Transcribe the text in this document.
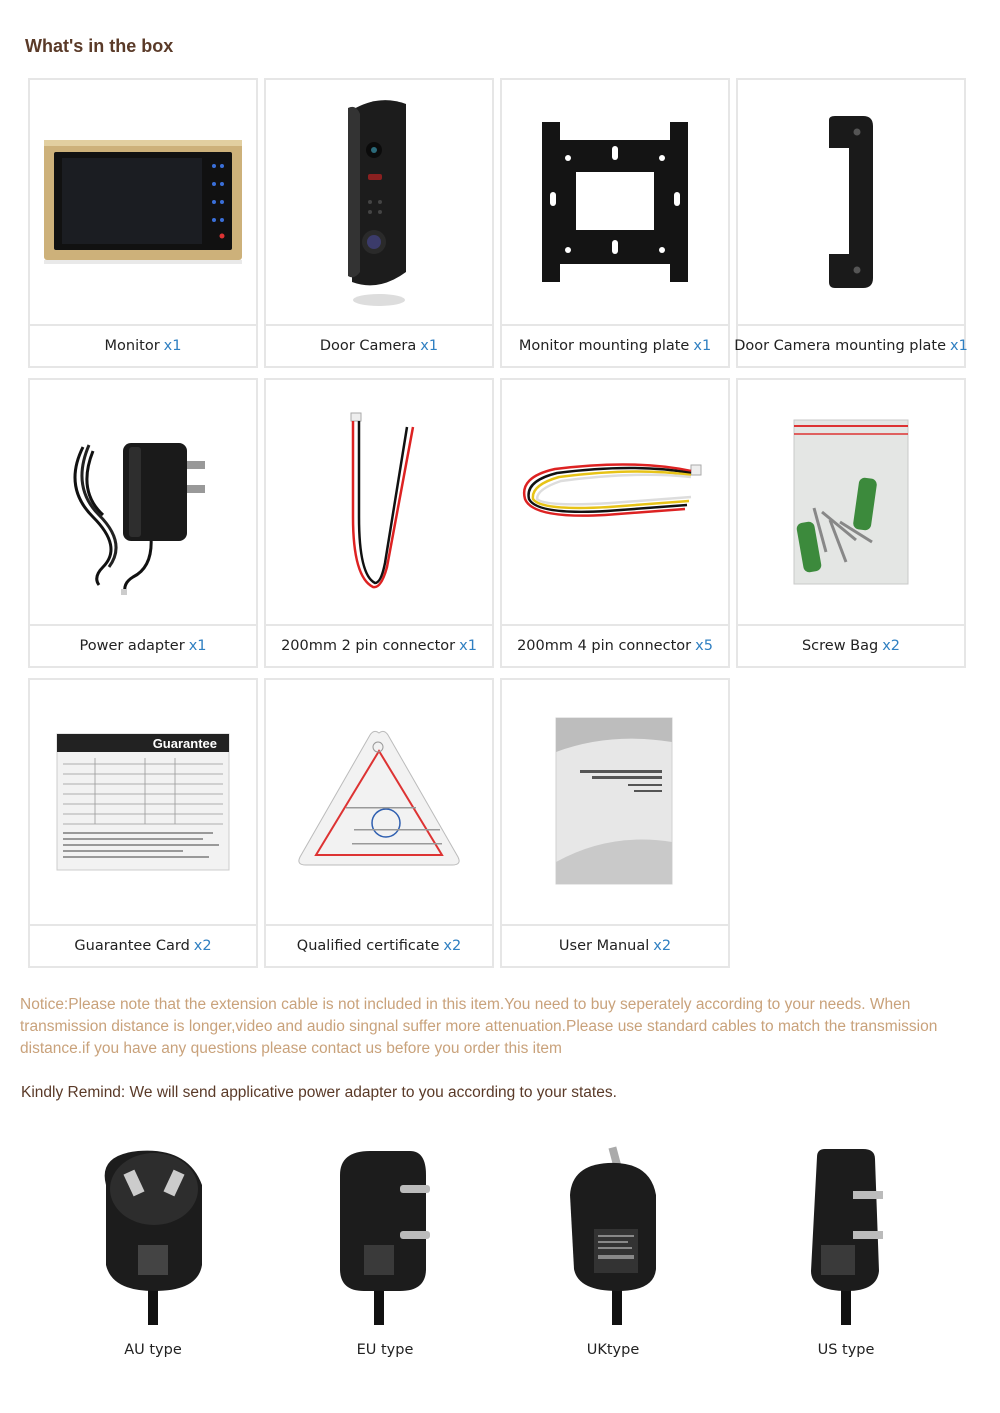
What's in the box
Monitor x1	Door Camera x1	Monitor mounting plate x1 Door Camera mounting plate x1
Power adapter x1	200mm 2 pin connector x1	200mm 4 pin connector x5	Screw Bag x2
Guarantee
Guarantee Card x2	Qualified certificate x2	User Manual x2
Notice:Please note that the extension cable is not included in this item.You need to buy seperately according to your needs. When transmission distance is longer,video and audio singnal suffer more attenuation.Please use standard cables to match the transmission distance.if you have any questions please contact us before you order this item
Kindly Remind: We will send applicative power adapter to you according to your states.
AU type	EU type	UKtype	US type
